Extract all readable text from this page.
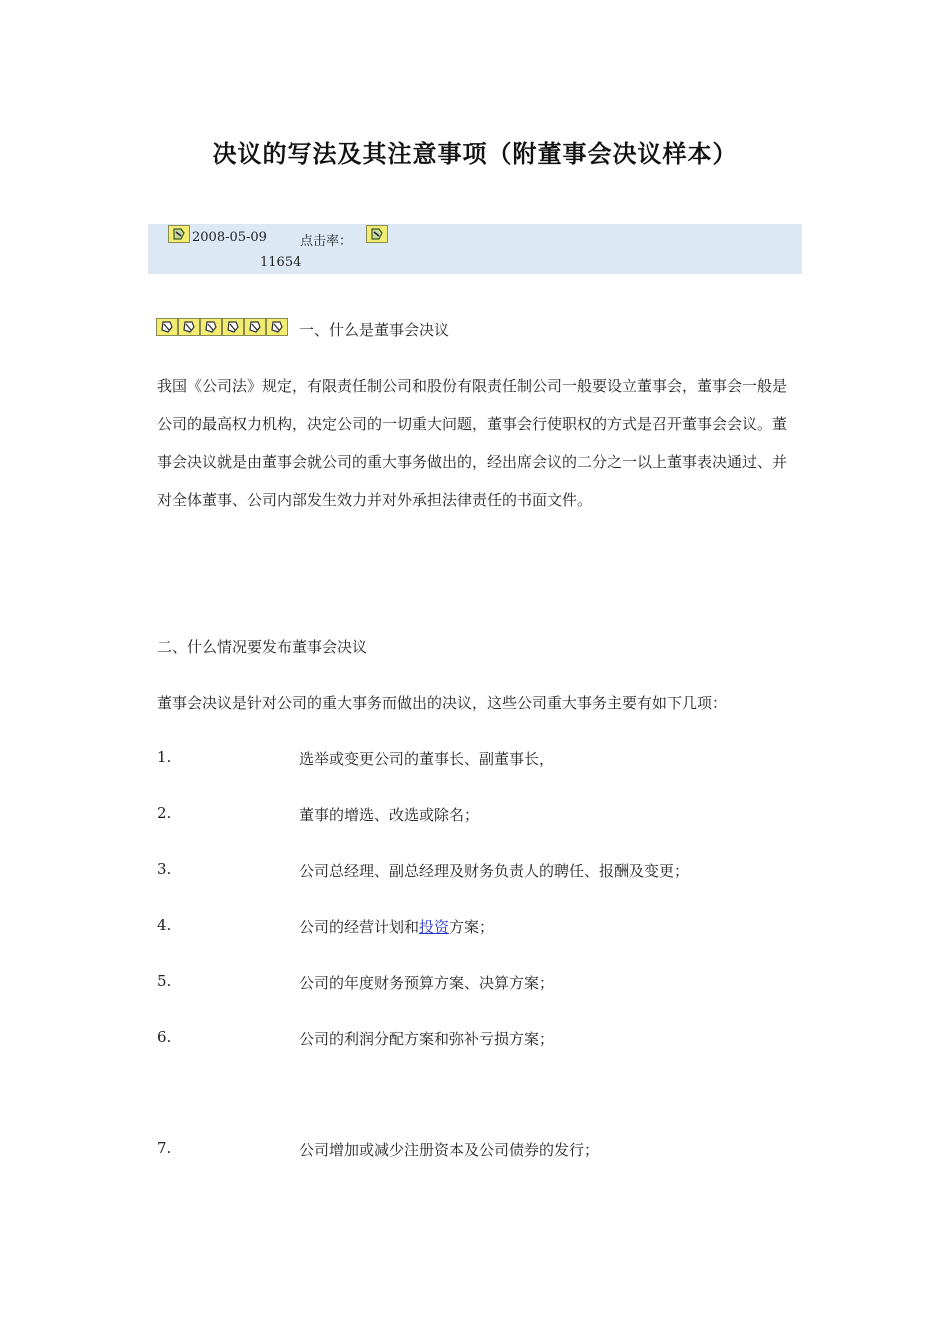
决议的写法及其注意事项（附董事会决议样本）
2008-05-09	点击率：
11654
一、什么是董事会决议
我国《公司法》规定，有限责任制公司和股份有限责任制公司一般要设立董事会，董事会一般是公司的最高权力机构，决定公司的一切重大问题，董事会行使职权的方式是召开董事会会议。董事会决议就是由董事会就公司的重大事务做出的，经出席会议的二分之一以上董事表决通过、并对全体董事、公司内部发生效力并对外承担法律责任的书面文件。
二、什么情况要发布董事会决议
董事会决议是针对公司的重大事务而做出的决议，这些公司重大事务主要有如下几项：
1.	选举或变更公司的董事长、副董事长，
2.	董事的增选、改选或除名；
3.	公司总经理、副总经理及财务负责人的聘任、报酬及变更；
4.	公司的经营计划和投资方案；
5.	公司的年度财务预算方案、决算方案；
6.	公司的利润分配方案和弥补亏损方案；
7.	公司增加或减少注册资本及公司债券的发行；
